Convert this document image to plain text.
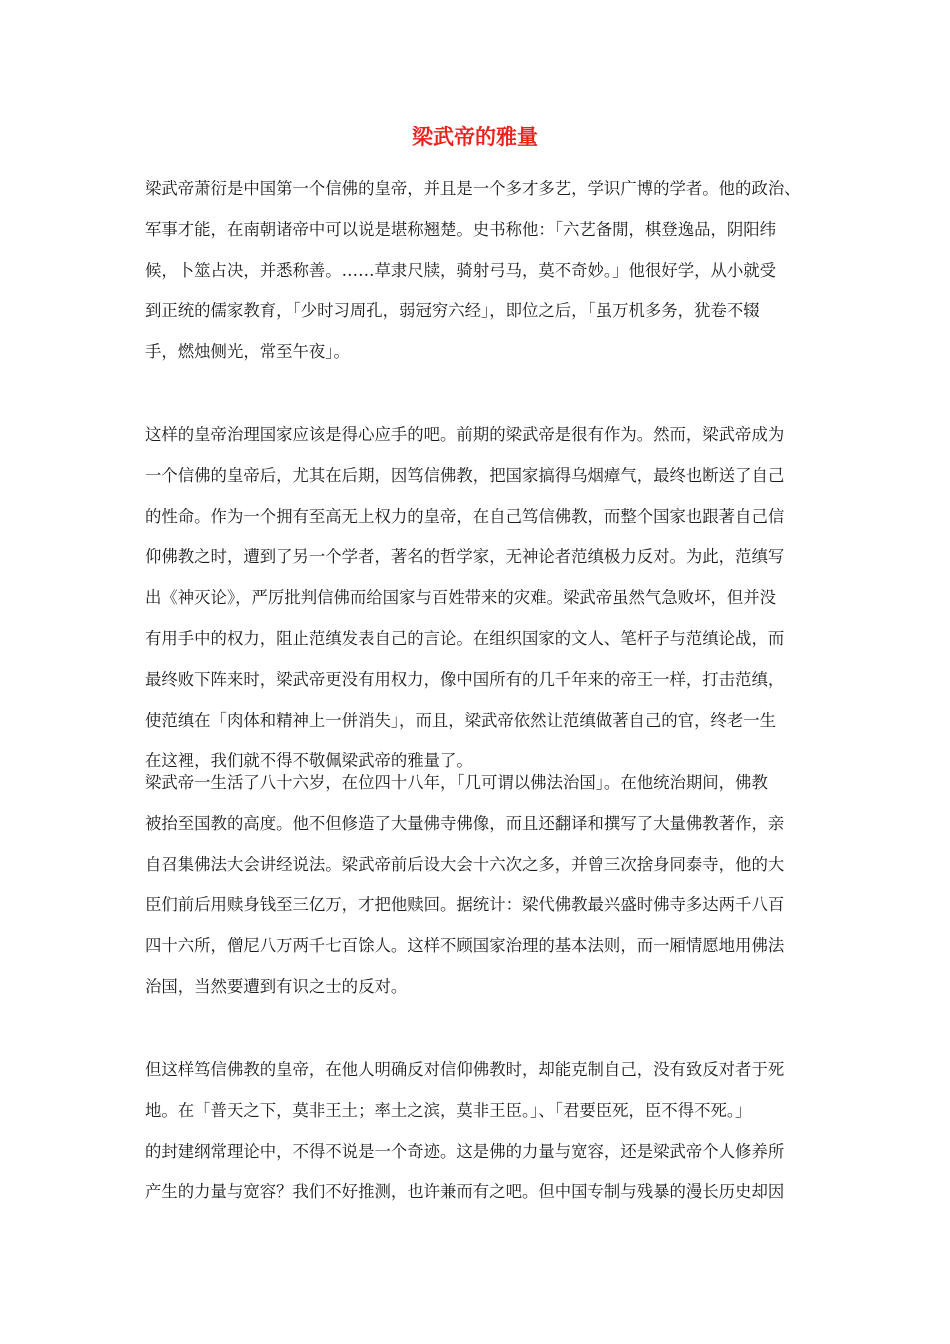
梁武帝的雅量

梁武帝萧衍是中国第一个信佛的皇帝，并且是一个多才多艺，学识广博的学者。他的政治、
军事才能，在南朝诸帝中可以说是堪称翘楚。史书称他：「六艺备閒，棋登逸品，阴阳纬
候，卜筮占决，并悉称善。……草隶尺牍，骑射弓马，莫不奇妙。」他很好学，从小就受
到正统的儒家教育，「少时习周孔，弱冠穷六经」，即位之后，「虽万机多务，犹卷不辍
手，燃烛侧光，常至午夜」。

这样的皇帝治理国家应该是得心应手的吧。前期的梁武帝是很有作为。然而，梁武帝成为
一个信佛的皇帝后，尤其在后期，因笃信佛教，把国家搞得乌烟瘴气，最终也断送了自己
的性命。作为一个拥有至高无上权力的皇帝，在自己笃信佛教，而整个国家也跟著自己信
仰佛教之时，遭到了另一个学者，著名的哲学家，无神论者范缜极力反对。为此，范缜写
出《神灭论》，严厉批判信佛而给国家与百姓带来的灾难。梁武帝虽然气急败坏，但并没
有用手中的权力，阻止范缜发表自己的言论。在组织国家的文人、笔杆子与范缜论战，而
最终败下阵来时，梁武帝更没有用权力，像中国所有的几千年来的帝王一样，打击范缜，
使范缜在「肉体和精神上一併消失」，而且，梁武帝依然让范缜做著自己的官，终老一生
在这裡，我们就不得不敬佩梁武帝的雅量了。

梁武帝一生活了八十六岁，在位四十八年，「几可谓以佛法治国」。在他统治期间，佛教
被抬至国教的高度。他不但修造了大量佛寺佛像，而且还翻译和撰写了大量佛教著作，亲
自召集佛法大会讲经说法。梁武帝前后设大会十六次之多，并曾三次捨身同泰寺，他的大
臣们前后用赎身钱至三亿万，才把他赎回。据统计：梁代佛教最兴盛时佛寺多达两千八百
四十六所，僧尼八万两千七百馀人。这样不顾国家治理的基本法则，而一厢情愿地用佛法
治国，当然要遭到有识之士的反对。

但这样笃信佛教的皇帝，在他人明确反对信仰佛教时，却能克制自己，没有致反对者于死
地。在「普天之下，莫非王土；率土之滨，莫非王臣。」、「君要臣死，臣不得不死。」
的封建纲常理论中，不得不说是一个奇迹。这是佛的力量与宽容，还是梁武帝个人修养所
产生的力量与宽容？我们不好推测，也许兼而有之吧。但中国专制与残暴的漫长历史却因
